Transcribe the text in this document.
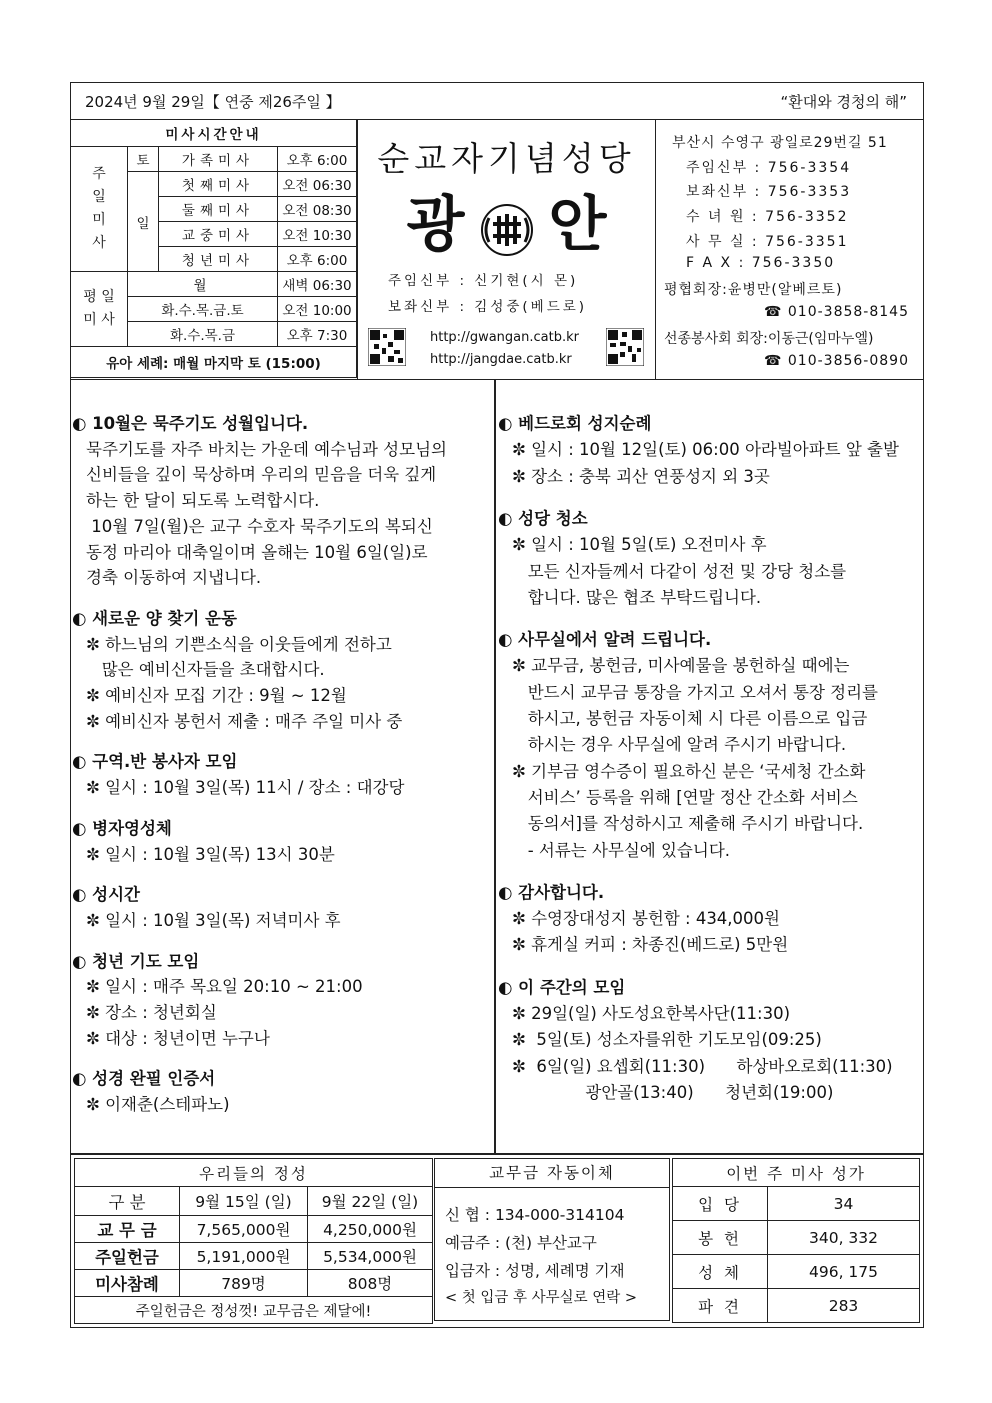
2024년 9월 29일【 연중 제26주일 】	“환대와 경청의 해”
미사시간안내			

주
일
미
사	토	가족미사	오후 6:00
	일	첫째미사	오전 06:30
		둘째미사	오전 08:30
		교중미사	오전 10:30
		청년미사	오후 6:00

평 일
미 사	월		새벽 06:30
	화.수.목.금.토		오전 10:00
	화.수.목.금		오후 7:30
유아 세례: 매월 마지막 토 (15:00)			
순교자기념성당
광 안
주임신부 : 신기현(시 몬)
보좌신부 : 김성중(베드로)
http://gwangan.catb.kr
http://jangdae.catb.kr
부산시 수영구 광일로29번길 51
주임신부 : 756-3354
보좌신부 : 756-3353
수 녀 원 : 756-3352
사 무 실 : 756-3351
F A X : 756-3350
평협회장:윤병만(알베르토)
☎ 010-3858-8145
선종봉사회 회장:이동근(임마누엘)
☎ 010-3856-0890
◐ 10월은 묵주기도 성월입니다.
묵주기도를 자주 바치는 가운데 예수님과 성모님의
신비들을 깊이 묵상하며 우리의 믿음을 더욱 깊게
하는 한 달이 되도록 노력합시다.
10월 7일(월)은 교구 수호자 묵주기도의 복되신
동정 마리아 대축일이며 올해는 10월 6일(일)로
경축 이동하여 지냅니다.
◐ 새로운 양 찾기 운동
✼ 하느님의 기쁜소식을 이웃들에게 전하고
많은 예비신자들을 초대합시다.
✼ 예비신자 모집 기간 : 9월 ~ 12월
✼ 예비신자 봉헌서 제출 : 매주 주일 미사 중
◐ 구역.반 봉사자 모임
✼ 일시 : 10월 3일(목) 11시 / 장소 : 대강당
◐ 병자영성체
✼ 일시 : 10월 3일(목) 13시 30분
◐ 성시간
✼ 일시 : 10월 3일(목) 저녁미사 후
◐ 청년 기도 모임
✼ 일시 : 매주 목요일 20:10 ~ 21:00
✼ 장소 : 청년회실
✼ 대상 : 청년이면 누구나
◐ 성경 완필 인증서
✼ 이재춘(스테파노)
◐ 베드로회 성지순례
✼ 일시 : 10월 12일(토) 06:00 아라빌아파트 앞 출발
✼ 장소 : 충북 괴산 연풍성지 외 3곳
◐ 성당 청소
✼ 일시 : 10월 5일(토) 오전미사 후
모든 신자들께서 다같이 성전 및 강당 청소를
합니다. 많은 협조 부탁드립니다.
◐ 사무실에서 알려 드립니다.
✼ 교무금, 봉헌금, 미사예물을 봉헌하실 때에는
반드시 교무금 통장을 가지고 오셔서 통장 정리를
하시고, 봉헌금 자동이체 시 다른 이름으로 입금
하시는 경우 사무실에 알려 주시기 바랍니다.
✼ 기부금 영수증이 필요하신 분은 ‘국세청 간소화
서비스’ 등록을 위해 [연말 정산 간소화 서비스
동의서]를 작성하시고 제출해 주시기 바랍니다.
- 서류는 사무실에 있습니다.
◐ 감사합니다.
✼ 수영장대성지 봉헌함 : 434,000원
✼ 휴게실 커피 : 차종진(베드로) 5만원
◐ 이 주간의 모임
✼ 29일(일) 사도성요한복사단(11:30)
✼  5일(토) 성소자를위한 기도모임(09:25)
✼  6일(일) 요셉회(11:30)      하상바오로회(11:30)
광안골(13:40)      청년회(19:00)
우리들의 정성		
구 분	9월 15일 (일)	9월 22일 (일)
교 무 금	7,565,000원	4,250,000원
주일헌금	5,191,000원	5,534,000원
미사참례	789명	808명
주일헌금은 정성껏! 교무금은 제달에!		
교무금 자동이체
신 협 : 134-000-314104
예금주 : (천) 부산교구
입금자 : 성명, 세례명 기재
< 첫 입금 후 사무실로 연락 >
이번 주 미사 성가	
입 당	34
봉 헌	340, 332
성 체	496, 175
파 견	283
